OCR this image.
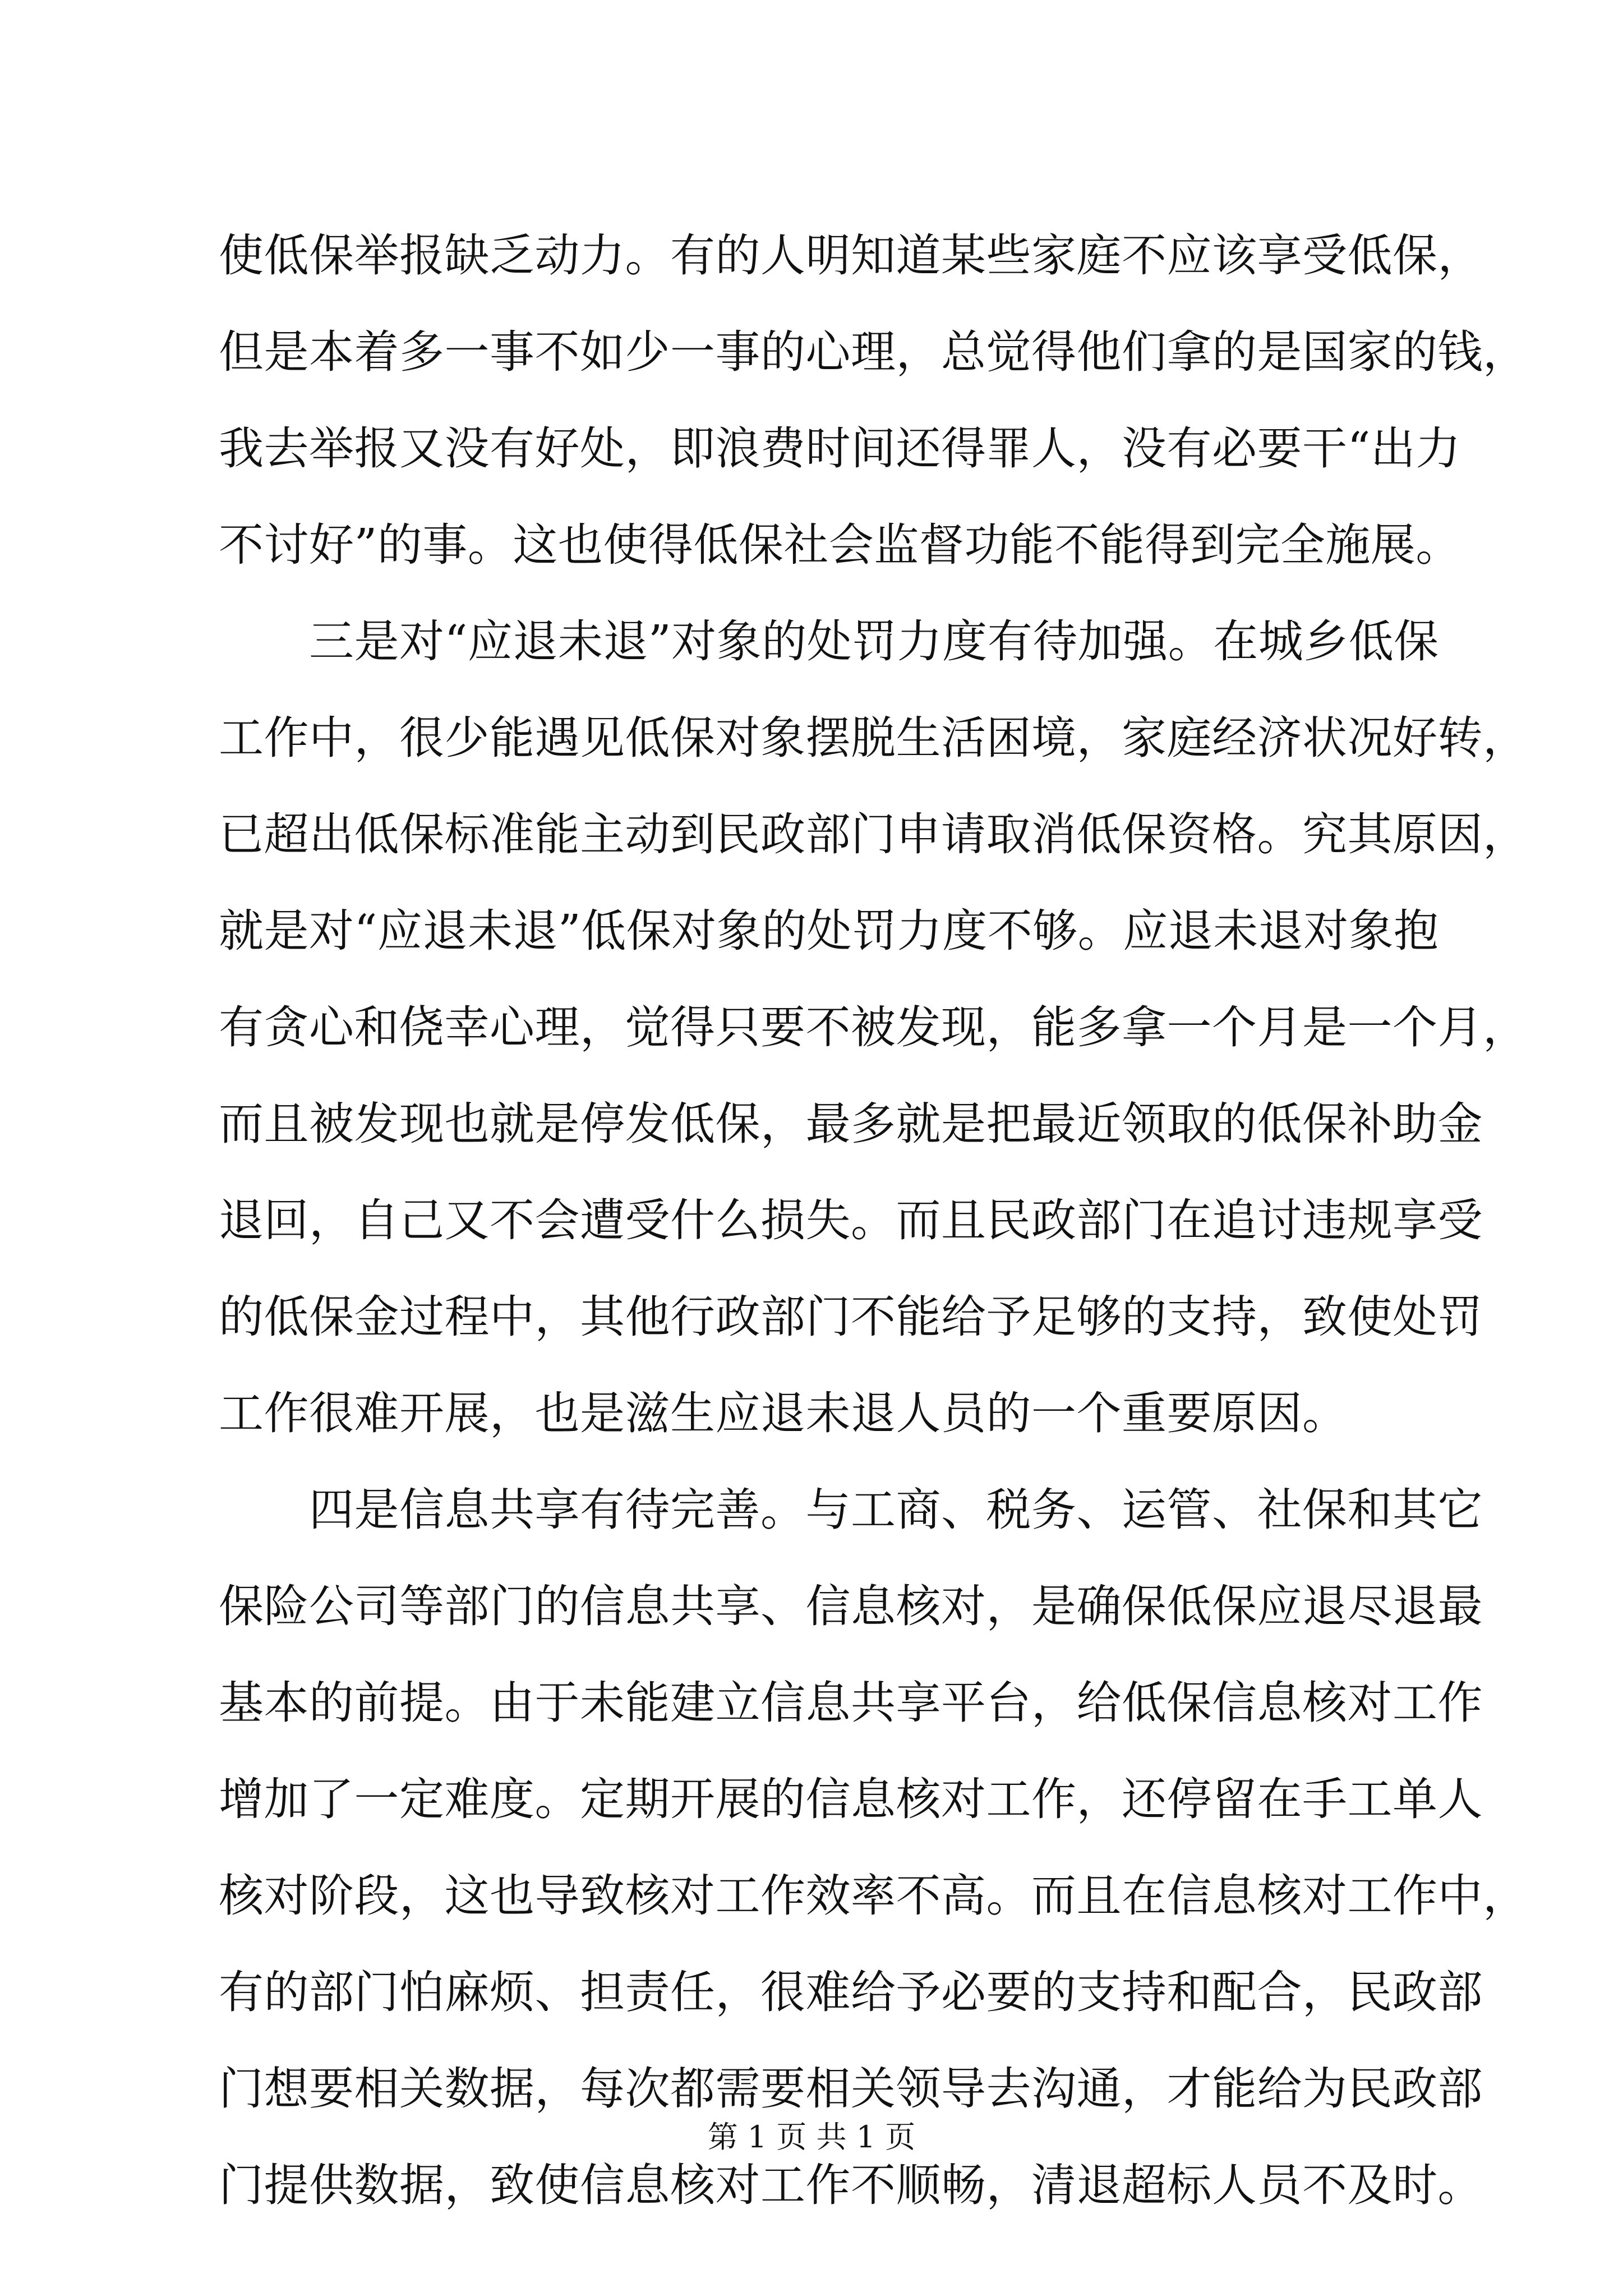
使低保举报缺乏动力。有的人明知道某些家庭不应该享受低保，
但是本着多一事不如少一事的心理，总觉得他们拿的是国家的钱，
我去举报又没有好处，即浪费时间还得罪人，没有必要干“出力
不讨好”的事。这也使得低保社会监督功能不能得到完全施展。
　　三是对“应退未退”对象的处罚力度有待加强。在城乡低保
工作中，很少能遇见低保对象摆脱生活困境，家庭经济状况好转，
已超出低保标准能主动到民政部门申请取消低保资格。究其原因，
就是对“应退未退”低保对象的处罚力度不够。应退未退对象抱
有贪心和侥幸心理，觉得只要不被发现，能多拿一个月是一个月，
而且被发现也就是停发低保，最多就是把最近领取的低保补助金
退回，自己又不会遭受什么损失。而且民政部门在追讨违规享受
的低保金过程中，其他行政部门不能给予足够的支持，致使处罚
工作很难开展，也是滋生应退未退人员的一个重要原因。
　　四是信息共享有待完善。与工商、税务、运管、社保和其它
保险公司等部门的信息共享、信息核对，是确保低保应退尽退最
基本的前提。由于未能建立信息共享平台，给低保信息核对工作
增加了一定难度。定期开展的信息核对工作，还停留在手工单人
核对阶段，这也导致核对工作效率不高。而且在信息核对工作中，
有的部门怕麻烦、担责任，很难给予必要的支持和配合，民政部
门想要相关数据，每次都需要相关领导去沟通，才能给为民政部
门提供数据，致使信息核对工作不顺畅，清退超标人员不及时。
第 1 页 共 1 页
